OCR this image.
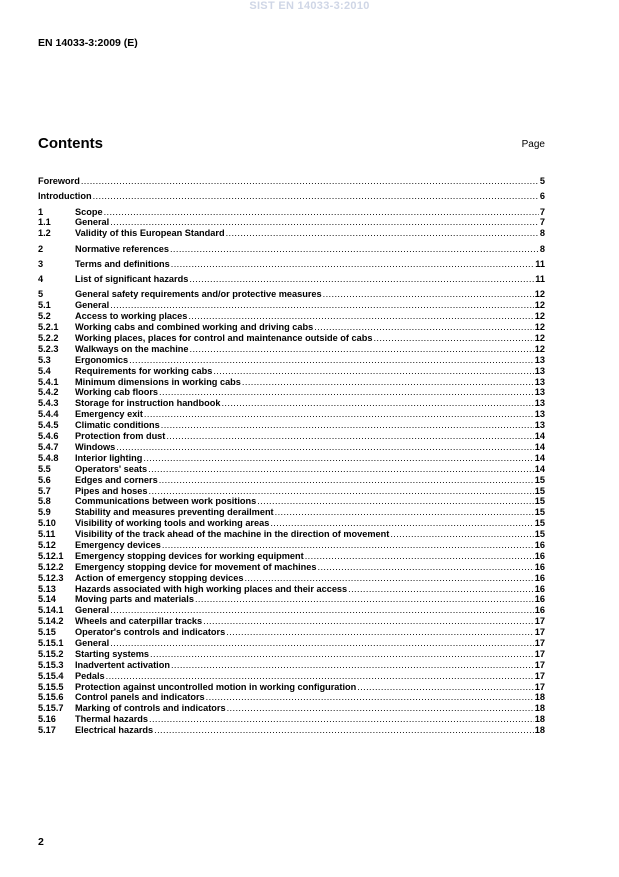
SIST EN 14033-3:2010
EN 14033-3:2009 (E)
Contents	Page
Foreword .....	5
Introduction .....	6
1	Scope .....	7
1.1	General .....	7
1.2	Validity of this European Standard .....	8
2	Normative references .....	8
3	Terms and definitions .....	11
4	List of significant hazards .....	11
5	General safety requirements and/or protective measures .....	12
5.1	General .....	12
5.2	Access to working places .....	12
5.2.1	Working cabs and combined working and driving cabs .....	12
5.2.2	Working places, places for control and maintenance outside of cabs .....	12
5.2.3	Walkways on the machine .....	12
5.3	Ergonomics .....	13
5.4	Requirements for working cabs .....	13
5.4.1	Minimum dimensions in working cabs .....	13
5.4.2	Working cab floors .....	13
5.4.3	Storage for instruction handbook .....	13
5.4.4	Emergency exit .....	13
5.4.5	Climatic conditions .....	13
5.4.6	Protection from dust .....	14
5.4.7	Windows .....	14
5.4.8	Interior lighting .....	14
5.5	Operators' seats .....	14
5.6	Edges and corners .....	15
5.7	Pipes and hoses .....	15
5.8	Communications between work positions .....	15
5.9	Stability and measures preventing derailment .....	15
5.10	Visibility of working tools and working areas .....	15
5.11	Visibility of the track ahead of the machine in the direction of movement .....	15
5.12	Emergency devices .....	16
5.12.1	Emergency stopping devices for working equipment .....	16
5.12.2	Emergency stopping device for movement of machines .....	16
5.12.3	Action of emergency stopping devices .....	16
5.13	Hazards associated with high working places and their access .....	16
5.14	Moving parts and materials .....	16
5.14.1	General .....	16
5.14.2	Wheels and caterpillar tracks .....	17
5.15	Operator's controls and indicators .....	17
5.15.1	General .....	17
5.15.2	Starting systems .....	17
5.15.3	Inadvertent activation .....	17
5.15.4	Pedals .....	17
5.15.5	Protection against uncontrolled motion in working configuration .....	17
5.15.6	Control panels and indicators .....	18
5.15.7	Marking of controls and indicators .....	18
5.16	Thermal hazards .....	18
5.17	Electrical hazards .....	18
2
